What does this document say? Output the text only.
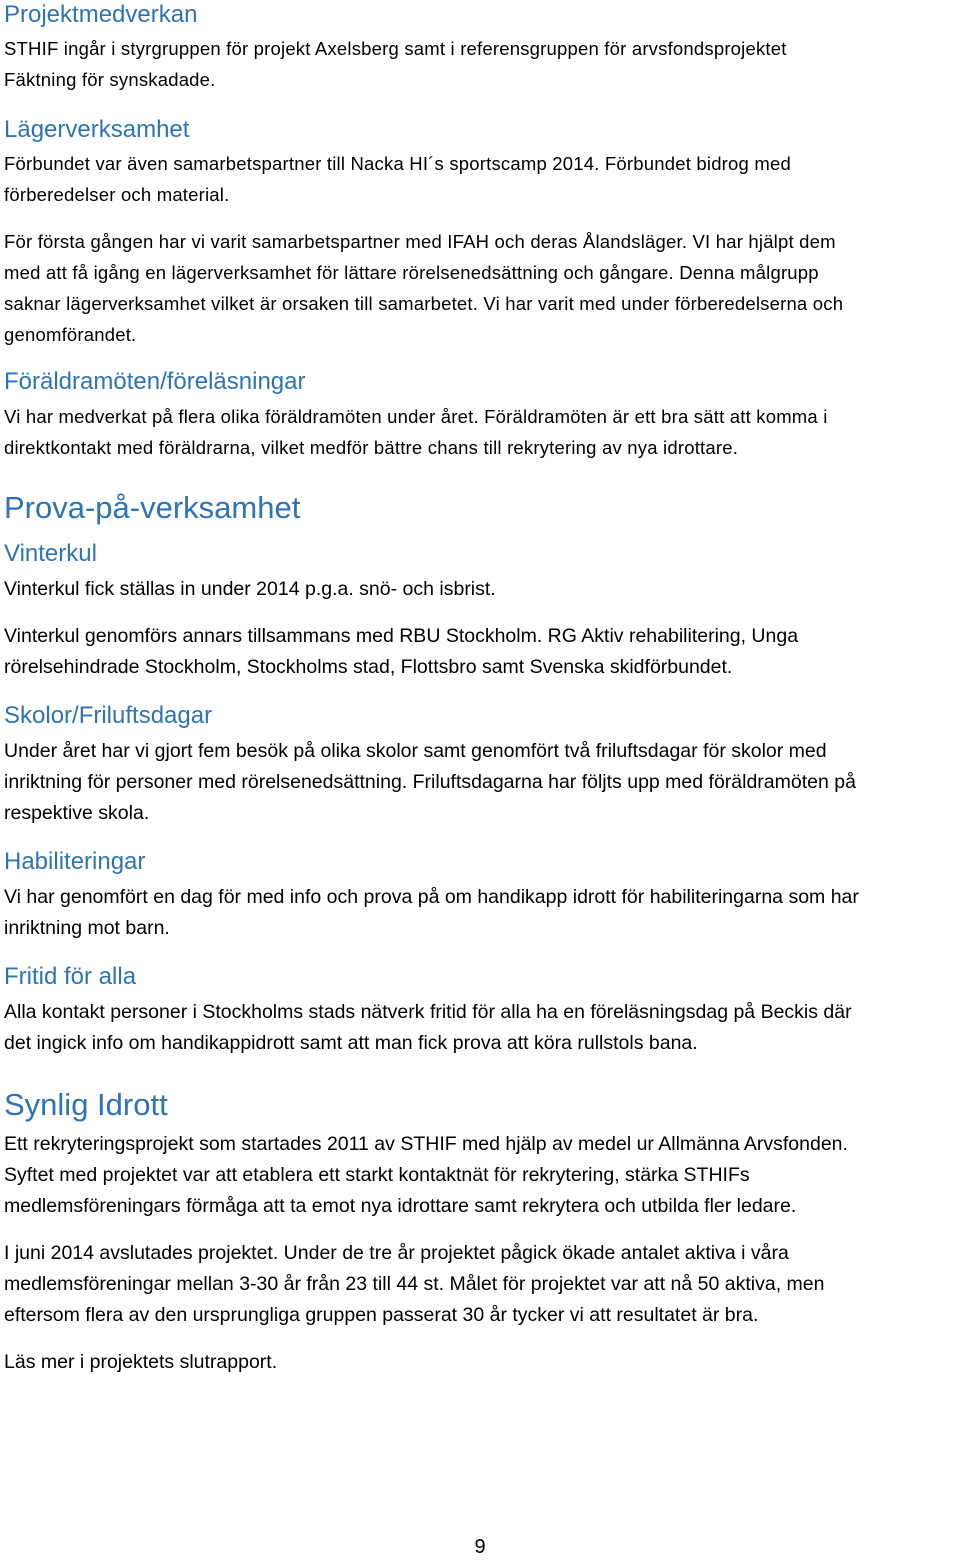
Projektmedverkan
STHIF ingår i styrgruppen för projekt Axelsberg samt i referensgruppen för arvsfondsprojektet
Fäktning för synskadade.
Lägerverksamhet
Förbundet var även samarbetspartner till Nacka HI´s sportscamp 2014. Förbundet bidrog med
förberedelser och material.
För första gången har vi varit samarbetspartner med IFAH och deras Ålandsläger. VI har hjälpt dem
med att få igång en lägerverksamhet för lättare rörelsenedsättning och gångare. Denna målgrupp
saknar lägerverksamhet vilket är orsaken till samarbetet. Vi har varit med under förberedelserna och
genomförandet.
Föräldramöten/föreläsningar
Vi har medverkat på flera olika föräldramöten under året. Föräldramöten är ett bra sätt att komma i
direktkontakt med föräldrarna, vilket medför bättre chans till rekrytering av nya idrottare.
Prova-på-verksamhet
Vinterkul
Vinterkul fick ställas in under 2014 p.g.a. snö- och isbrist.
Vinterkul genomförs annars tillsammans med RBU Stockholm. RG Aktiv rehabilitering, Unga
rörelsehindrade Stockholm, Stockholms stad, Flottsbro samt Svenska skidförbundet.
Skolor/Friluftsdagar
Under året har vi gjort fem besök på olika skolor samt genomfört två friluftsdagar för skolor med
inriktning för personer med rörelsenedsättning. Friluftsdagarna har följts upp med föräldramöten på
respektive skola.
Habiliteringar
Vi har genomfört en dag för med info och prova på om handikapp idrott för habiliteringarna som har
inriktning mot barn.
Fritid för alla
Alla kontakt personer i Stockholms stads nätverk fritid för alla ha en föreläsningsdag på Beckis där
det ingick info om handikappidrott samt att man fick prova att köra rullstols bana.
Synlig Idrott
Ett rekryteringsprojekt som startades 2011 av STHIF med hjälp av medel ur Allmänna Arvsfonden.
Syftet med projektet var att etablera ett starkt kontaktnät för rekrytering, stärka STHIFs
medlemsföreningars förmåga att ta emot nya idrottare samt rekrytera och utbilda fler ledare.
I juni 2014 avslutades projektet. Under de tre år projektet pågick ökade antalet aktiva i våra
medlemsföreningar mellan 3-30 år från 23 till 44 st. Målet för projektet var att nå 50 aktiva, men
eftersom flera av den ursprungliga gruppen passerat 30 år tycker vi att resultatet är bra.
Läs mer i projektets slutrapport.
9
